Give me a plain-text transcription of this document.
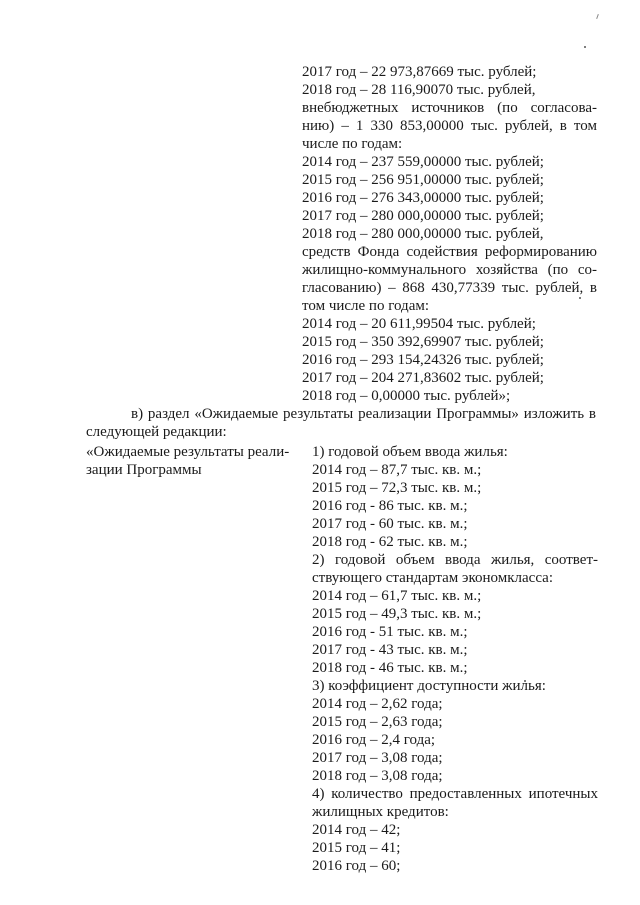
2017 год – 22 973,87669 тыс. рублей;
2018 год – 28 116,90070 тыс. рублей,
внебюджетных источников (по согласова-
нию) – 1 330 853,00000 тыс. рублей, в том
числе по годам:
2014 год – 237 559,00000 тыс. рублей;
2015 год – 256 951,00000 тыс. рублей;
2016 год – 276 343,00000 тыс. рублей;
2017 год – 280 000,00000 тыс. рублей;
2018 год – 280 000,00000 тыс. рублей,
средств Фонда содействия реформированию
жилищно-коммунального хозяйства (по со-
гласованию) – 868 430,77339 тыс. рублей, в
том числе по годам:
2014 год – 20 611,99504 тыс. рублей;
2015 год – 350 392,69907 тыс. рублей;
2016 год – 293 154,24326 тыс. рублей;
2017 год – 204 271,83602 тыс. рублей;
2018 год – 0,00000 тыс. рублей»;
в) раздел «Ожидаемые результаты реализации Программы» изложить в
следующей редакции:
«Ожидаемые результаты реали-
зации Программы
1) годовой объем ввода жилья:
2014 год – 87,7 тыс. кв. м.;
2015 год – 72,3 тыс. кв. м.;
2016 год - 86 тыс. кв. м.;
2017 год - 60 тыс. кв. м.;
2018 год - 62 тыс. кв. м.;
2) годовой объем ввода жилья, соответ-
ствующего стандартам экономкласса:
2014 год – 61,7 тыс. кв. м.;
2015 год – 49,3 тыс. кв. м.;
2016 год - 51 тыс. кв. м.;
2017 год - 43 тыс. кв. м.;
2018 год - 46 тыс. кв. м.;
3) коэффициент доступности жилья:
2014 год – 2,62 года;
2015 год – 2,63 года;
2016 год – 2,4 года;
2017 год – 3,08 года;
2018 год – 3,08 года;
4) количество предоставленных ипотечных
жилищных кредитов:
2014 год – 42;
2015 год – 41;
2016 год – 60;
